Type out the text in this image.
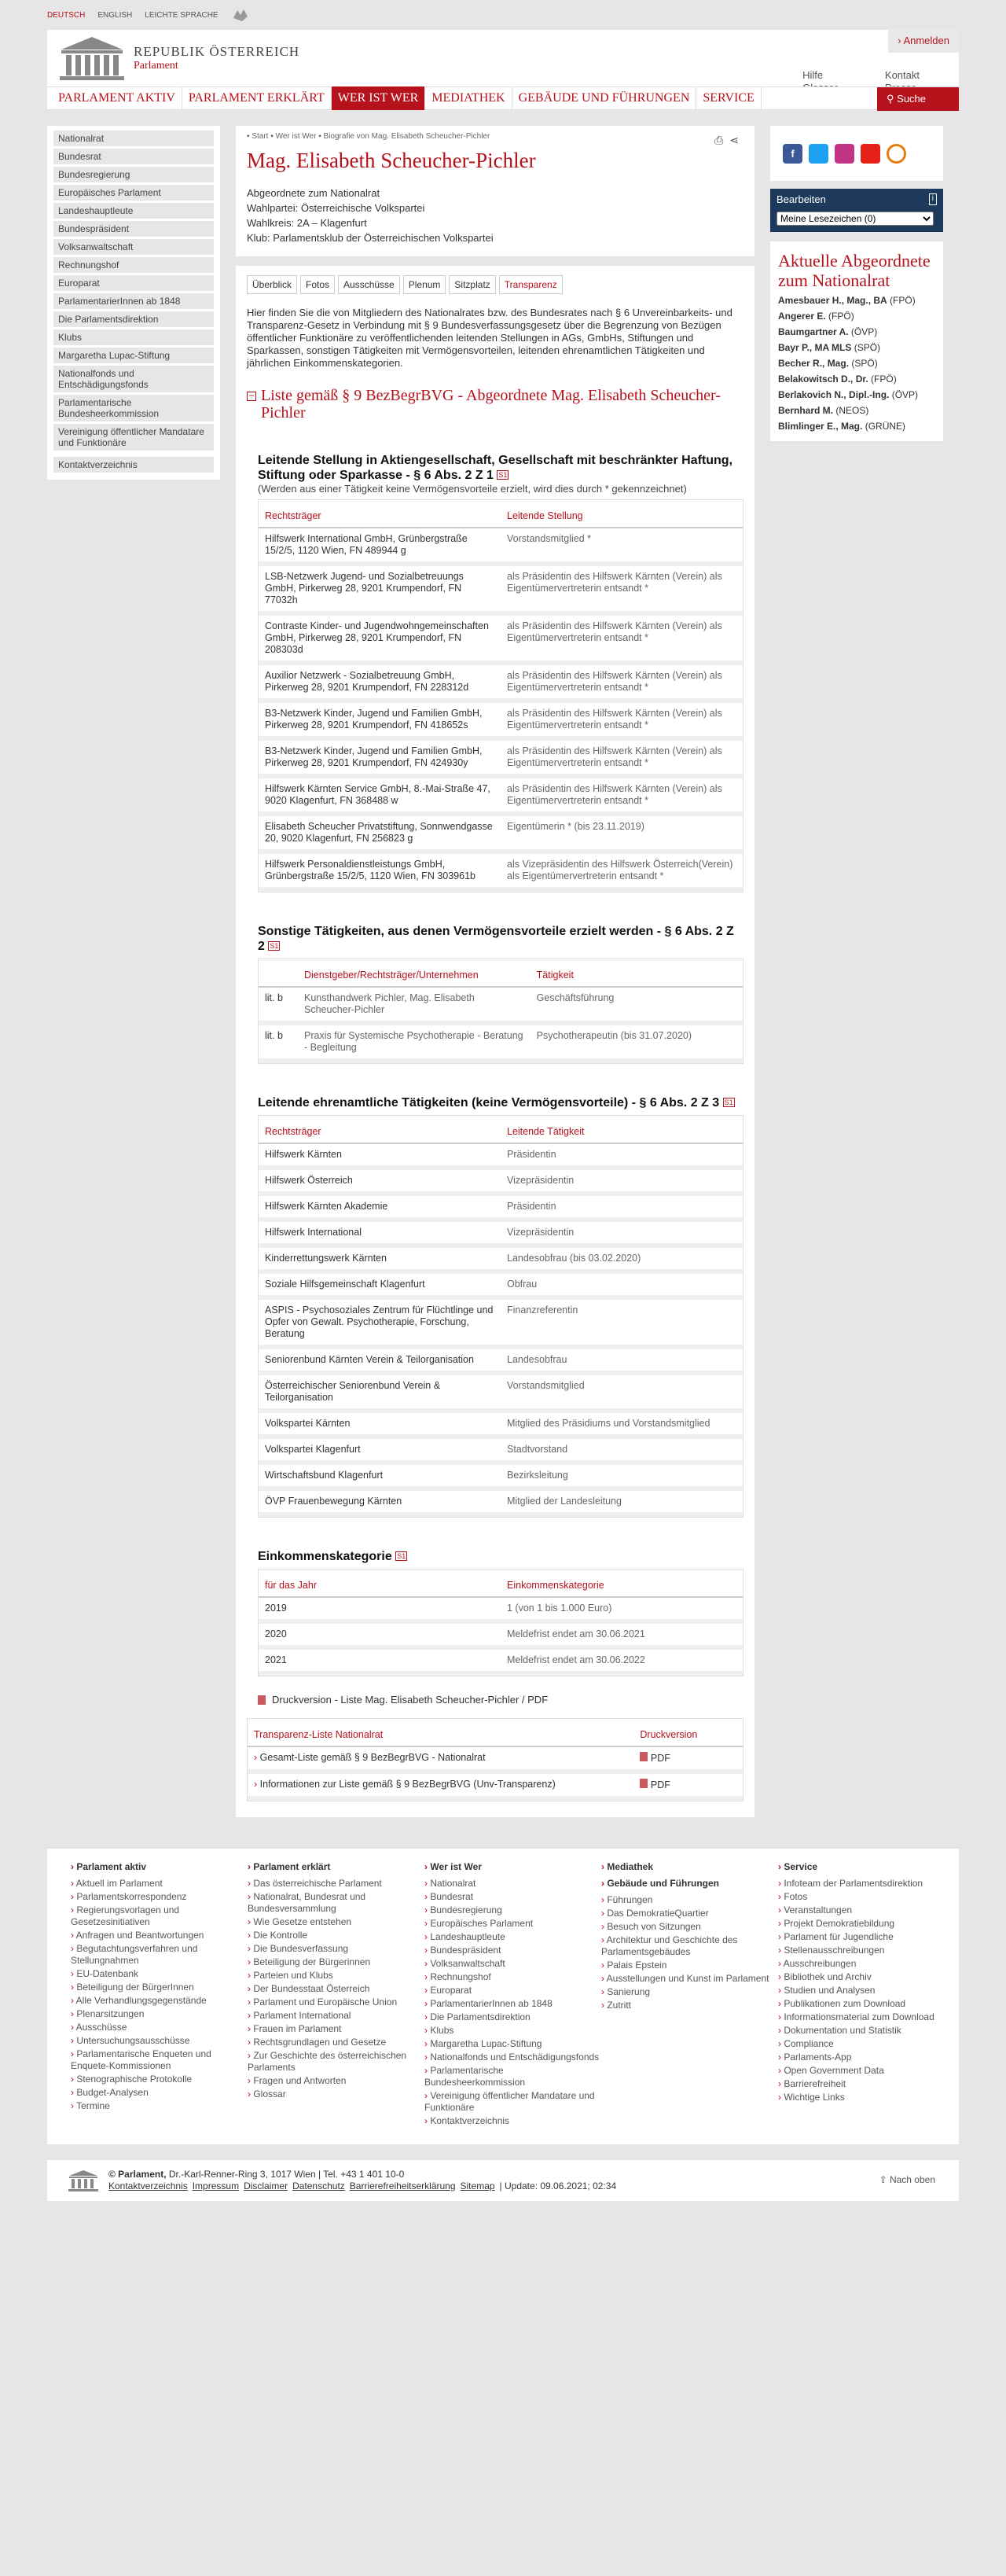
DEUTSCH ENGLISH LEICHTE SPRACHE
› Anmelden
REPUBLIK ÖSTERREICH
Parlament
Hilfe	Kontakt

PARLAMENT AKTIV	PARLAMENT ERKLÄRT	WER IST WER	MEDIATHEK	GEBÄUDE UND FÜHRUNGEN	SERVICE	⚲ Suche
Nationalrat
Bundesrat
Bundesregierung
Europäisches Parlament
Landeshauptleute
Bundespräsident
Volksanwaltschaft
Rechnungshof
Europarat
ParlamentarierInnen ab 1848
Die Parlamentsdirektion
Klubs
Margaretha Lupac-Stiftung
Nationalfonds und Entschädigungsfonds
Parlamentarische Bundesheerkommission
Vereinigung öffentlicher Mandatare und Funktionäre
Kontaktverzeichnis
▪ Start ▪ Wer ist Wer ▪ Biografie von Mag. Elisabeth Scheucher-Pichler	⎙ ⋖
Mag. Elisabeth Scheucher-Pichler
Abgeordnete zum Nationalrat
Wahlpartei: Österreichische Volkspartei
Wahlkreis: 2A – Klagenfurt
Klub: Parlamentsklub der Österreichischen Volkspartei
Überblick	Fotos	Ausschüsse	Plenum	Sitzplatz	Transparenz
Hier finden Sie die von Mitgliedern des Nationalrates bzw. des Bundesrates nach § 6 Unvereinbarkeits- und Transparenz-Gesetz in Verbindung mit § 9 Bundesverfassungsgesetz über die Begrenzung von Bezügen öffentlicher Funktionäre zu veröffentlichenden leitenden Stellungen in AGs, GmbHs, Stiftungen und Sparkassen, sonstigen Tätigkeiten mit Vermögensvorteilen, leitenden ehrenamtlichen Tätigkeiten und jährlichen Einkommenskategorien.
− Liste gemäß § 9 BezBegrBVG - Abgeordnete Mag. Elisabeth Scheucher-Pichler
Leitende Stellung in Aktiengesellschaft, Gesellschaft mit beschränkter Haftung, Stiftung oder Sparkasse - § 6 Abs. 2 Z 1 S1
(Werden aus einer Tätigkeit keine Vermögensvorteile erzielt, wird dies durch * gekennzeichnet)
Rechtsträger	Leitende Stellung
Hilfswerk International GmbH, Grünbergstraße 15/2/5, 1120 Wien, FN 489944 g	Vorstandsmitglied *
LSB-Netzwerk Jugend- und Sozialbetreuungs GmbH, Pirkerweg 28, 9201 Krumpendorf, FN 77032h	als Präsidentin des Hilfswerk Kärnten (Verein) als Eigentümervertreterin entsandt *
Contraste Kinder- und Jugendwohngemeinschaften GmbH, Pirkerweg 28, 9201 Krumpendorf, FN 208303d	als Präsidentin des Hilfswerk Kärnten (Verein) als Eigentümervertreterin entsandt *
Auxilior Netzwerk - Sozialbetreuung GmbH, Pirkerweg 28, 9201 Krumpendorf, FN 228312d	als Präsidentin des Hilfswerk Kärnten (Verein) als Eigentümervertreterin entsandt *
B3-Netzwerk Kinder, Jugend und Familien GmbH, Pirkerweg 28, 9201 Krumpendorf, FN 418652s	als Präsidentin des Hilfswerk Kärnten (Verein) als Eigentümervertreterin entsandt *
B3-Netzwerk Kinder, Jugend und Familien GmbH, Pirkerweg 28, 9201 Krumpendorf, FN 424930y	als Präsidentin des Hilfswerk Kärnten (Verein) als Eigentümervertreterin entsandt *
Hilfswerk Kärnten Service GmbH, 8.-Mai-Straße 47, 9020 Klagenfurt, FN 368488 w	als Präsidentin des Hilfswerk Kärnten (Verein) als Eigentümervertreterin entsandt *
Elisabeth Scheucher Privatstiftung, Sonnwendgasse 20, 9020 Klagenfurt, FN 256823 g	Eigentümerin * (bis 23.11.2019)
Hilfswerk Personaldienstleistungs GmbH, Grünbergstraße 15/2/5, 1120 Wien, FN 303961b	als Vizepräsidentin des Hilfswerk Österreich(Verein) als Eigentümervertreterin entsandt *
Sonstige Tätigkeiten, aus denen Vermögensvorteile erzielt werden - § 6 Abs. 2 Z 2 S1
	Dienstgeber/Rechtsträger/Unternehmen	Tätigkeit
lit. b	Kunsthandwerk Pichler, Mag. Elisabeth Scheucher-Pichler	Geschäftsführung
lit. b	Praxis für Systemische Psychotherapie - Beratung - Begleitung	Psychotherapeutin (bis 31.07.2020)
Leitende ehrenamtliche Tätigkeiten (keine Vermögensvorteile) - § 6 Abs. 2 Z 3 S1
Rechtsträger	Leitende Tätigkeit
Hilfswerk Kärnten	Präsidentin
Hilfswerk Österreich	Vizepräsidentin
Hilfswerk Kärnten Akademie	Präsidentin
Hilfswerk International	Vizepräsidentin
Kinderrettungswerk Kärnten	Landesobfrau (bis 03.02.2020)
Soziale Hilfsgemeinschaft Klagenfurt	Obfrau
ASPIS - Psychosoziales Zentrum für Flüchtlinge und Opfer von Gewalt. Psychotherapie, Forschung, Beratung	Finanzreferentin
Seniorenbund Kärnten Verein & Teilorganisation	Landesobfrau
Österreichischer Seniorenbund Verein & Teilorganisation	Vorstandsmitglied
Volkspartei Kärnten	Mitglied des Präsidiums und Vorstandsmitglied
Volkspartei Klagenfurt	Stadtvorstand
Wirtschaftsbund Klagenfurt	Bezirksleitung
ÖVP Frauenbewegung Kärnten	Mitglied der Landesleitung
Einkommenskategorie S1
für das Jahr	Einkommenskategorie
2019	1 (von 1 bis 1.000 Euro)
2020	Meldefrist endet am 30.06.2021
2021	Meldefrist endet am 30.06.2022
Druckversion - Liste Mag. Elisabeth Scheucher-Pichler / PDF
Transparenz-Liste Nationalrat	Druckversion
› Gesamt-Liste gemäß § 9 BezBegrBVG - Nationalrat	PDF
› Informationen zur Liste gemäß § 9 BezBegrBVG (Unv-Transparenz)	PDF
f
Bearbeiten	i
Meine Lesezeichen (0)
Aktuelle Abgeordnete zum Nationalrat
Amesbauer H., Mag., BA (FPÖ)
Angerer E. (FPÖ)
Baumgartner A. (ÖVP)
Bayr P., MA MLS (SPÖ)
Becher R., Mag. (SPÖ)
Belakowitsch D., Dr. (FPÖ)
Berlakovich N., Dipl.-Ing. (ÖVP)
Bernhard M. (NEOS)
Blimlinger E., Mag. (GRÜNE)
› Parlament aktiv
› Aktuell im Parlament
› Parlamentskorrespondenz
› Regierungsvorlagen und Gesetzesinitiativen
› Anfragen und Beantwortungen
› Begutachtungsverfahren und Stellungnahmen
› EU-Datenbank
› Beteiligung der BürgerInnen
› Alle Verhandlungsgegenstände
› Plenarsitzungen
› Ausschüsse
› Untersuchungsausschüsse
› Parlamentarische Enqueten und Enquete-Kommissionen
› Stenographische Protokolle
› Budget-Analysen
› Termine
› Parlament erklärt
› Das österreichische Parlament
› Nationalrat, Bundesrat und Bundesversammlung
› Wie Gesetze entstehen
› Die Kontrolle
› Die Bundesverfassung
› Beteiligung der Bürgerinnen
› Parteien und Klubs
› Der Bundesstaat Österreich
› Parlament und Europäische Union
› Parlament International
› Frauen im Parlament
› Rechtsgrundlagen und Gesetze
› Zur Geschichte des österreichischen Parlaments
› Fragen und Antworten
› Glossar
› Wer ist Wer
› Nationalrat
› Bundesrat
› Bundesregierung
› Europäisches Parlament
› Landeshauptleute
› Bundespräsident
› Volksanwaltschaft
› Rechnungshof
› Europarat
› ParlamentarierInnen ab 1848
› Die Parlamentsdirektion
› Klubs
› Margaretha Lupac-Stiftung
› Nationalfonds und Entschädigungsfonds
› Parlamentarische Bundesheerkommission
› Vereinigung öffentlicher Mandatare und Funktionäre
› Kontaktverzeichnis
› Mediathek
› Gebäude und Führungen
› Führungen
› Das DemokratieQuartier
› Besuch von Sitzungen
› Architektur und Geschichte des Parlamentsgebäudes
› Palais Epstein
› Ausstellungen und Kunst im Parlament
› Sanierung
› Zutritt
› Service
› Infoteam der Parlamentsdirektion
› Fotos
› Veranstaltungen
› Projekt Demokratiebildung
› Parlament für Jugendliche
› Stellenausschreibungen
› Ausschreibungen
› Bibliothek und Archiv
› Studien und Analysen
› Publikationen zum Download
› Informationsmaterial zum Download
› Dokumentation und Statistik
› Compliance
› Parlaments-App
› Open Government Data
› Barrierefreiheit
› Wichtige Links
© Parlament, Dr.-Karl-Renner-Ring 3, 1017 Wien | Tel. +43 1 401 10-0
Kontaktverzeichnis Impressum Disclaimer Datenschutz Barrierefreiheitserklärung Sitemap | Update: 09.06.2021; 02:34
⇧ Nach oben
